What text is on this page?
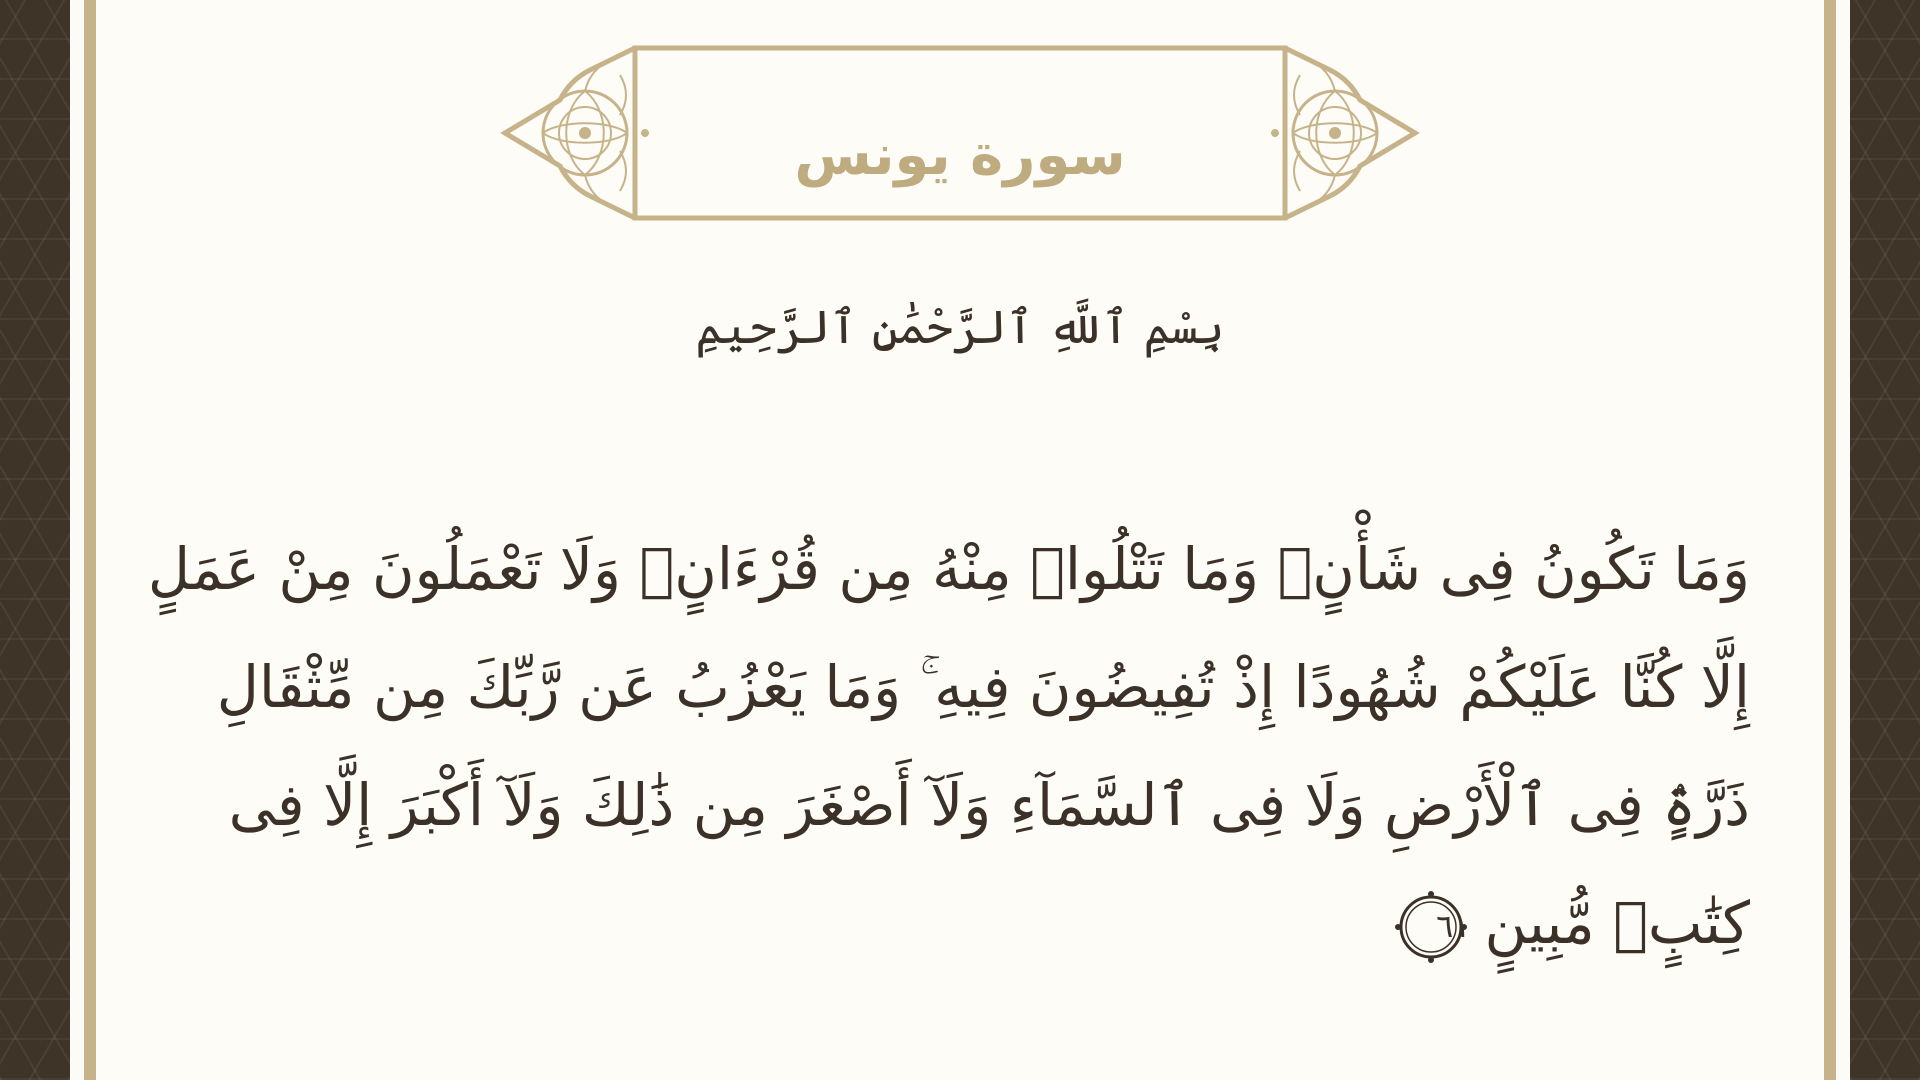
سورة يونس
بِسْمِ ٱللَّهِ ٱلرَّحْمَٰنِ ٱلرَّحِيمِ
وَمَا تَكُونُ فِى شَأْنٍۢ وَمَا تَتْلُوا۟ مِنْهُ مِن قُرْءَانٍۢ وَلَا تَعْمَلُونَ مِنْ عَمَلٍ
إِلَّا كُنَّا عَلَيْكُمْ شُهُودًا إِذْ تُفِيضُونَ فِيهِ ۚ وَمَا يَعْزُبُ عَن رَّبِّكَ مِن مِّثْقَالِ
ذَرَّةٍۢ فِى ٱلْأَرْضِ وَلَا فِى ٱلسَّمَآءِ وَلَآ أَصْغَرَ مِن ذَٰلِكَ وَلَآ أَكْبَرَ إِلَّا فِى
كِتَٰبٍۢ مُّبِينٍ
٦١
